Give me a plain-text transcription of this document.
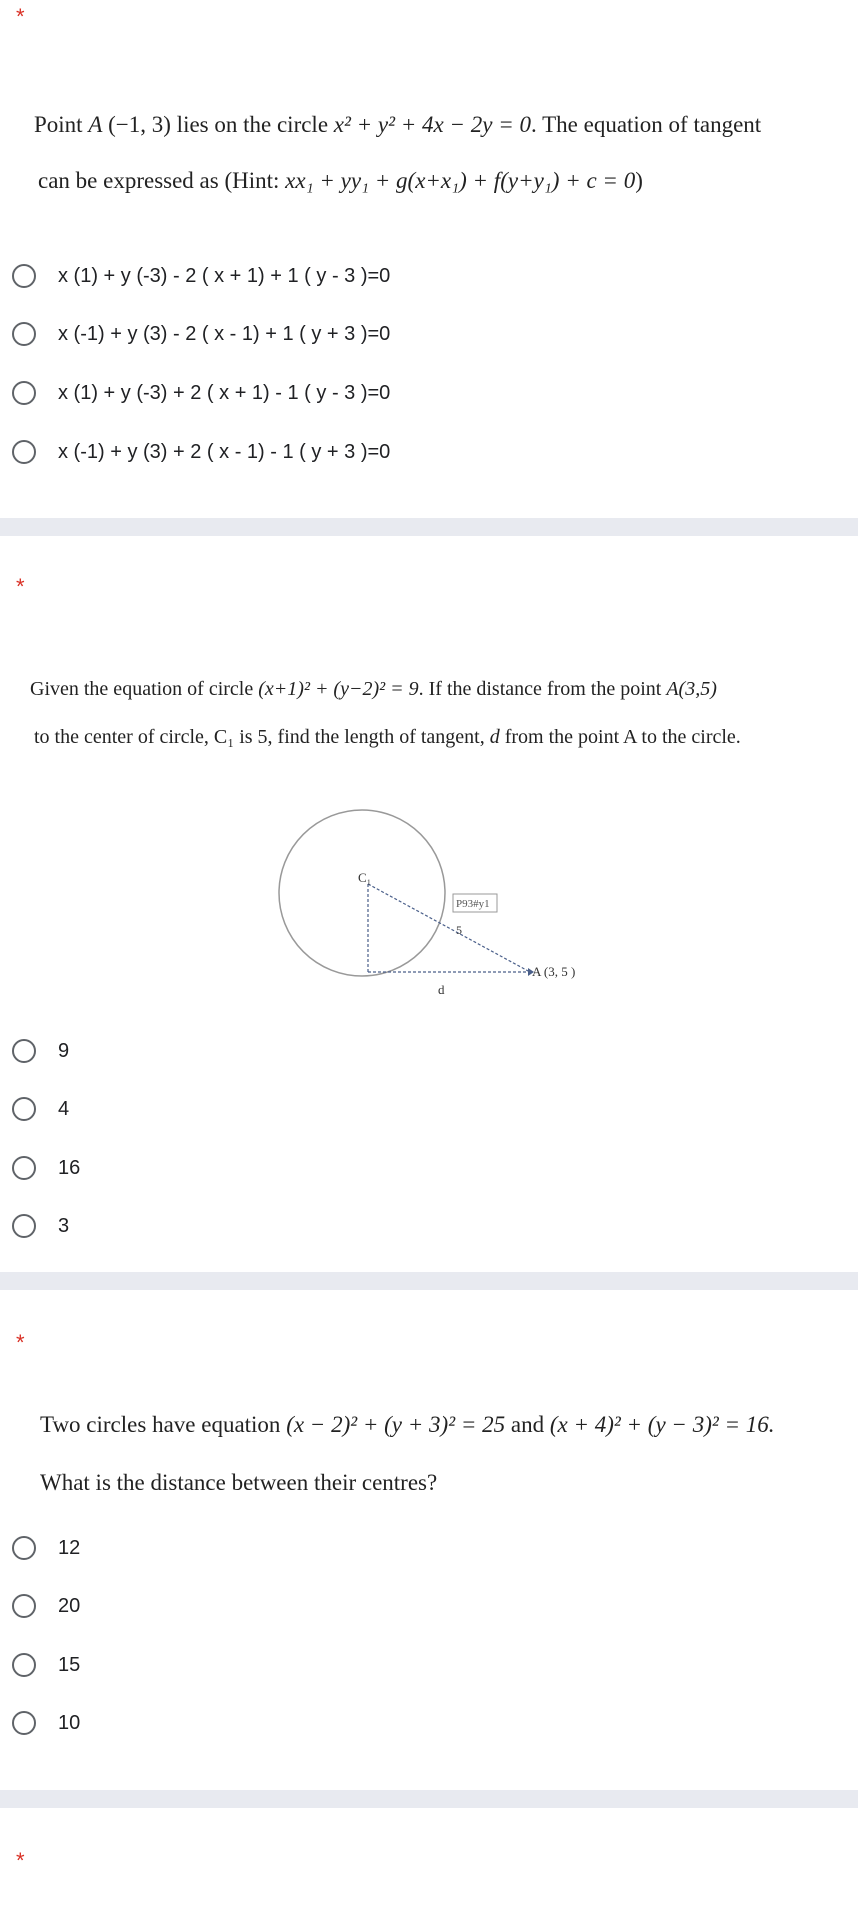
*
Point A (−1, 3) lies on the circle x² + y² + 4x − 2y = 0. The equation of tangent
can be expressed as (Hint: xx₁ + yy₁ + g(x+x₁) + f(y+y₁) + c = 0)
x (1) + y (-3) - 2 ( x + 1) + 1 ( y - 3 )=0
x (-1) + y (3) - 2 ( x - 1) + 1 ( y + 3 )=0
x (1) + y (-3) + 2 ( x + 1) - 1 ( y - 3 )=0
x (-1) + y (3) + 2 ( x - 1) - 1 ( y + 3 )=0
*
Given the equation of circle (x+1)² + (y−2)² = 9. If the distance from the point A(3,5)
to the center of circle, C₁ is 5, find the length of tangent, d from the point A to the circle.
C₁
P93#y1
5
A (3, 5 )
d
9
4
16
3
*
Two circles have equation (x − 2)² + (y + 3)² = 25 and (x + 4)² + (y − 3)² = 16.
What is the distance between their centres?
12
20
15
10
*
